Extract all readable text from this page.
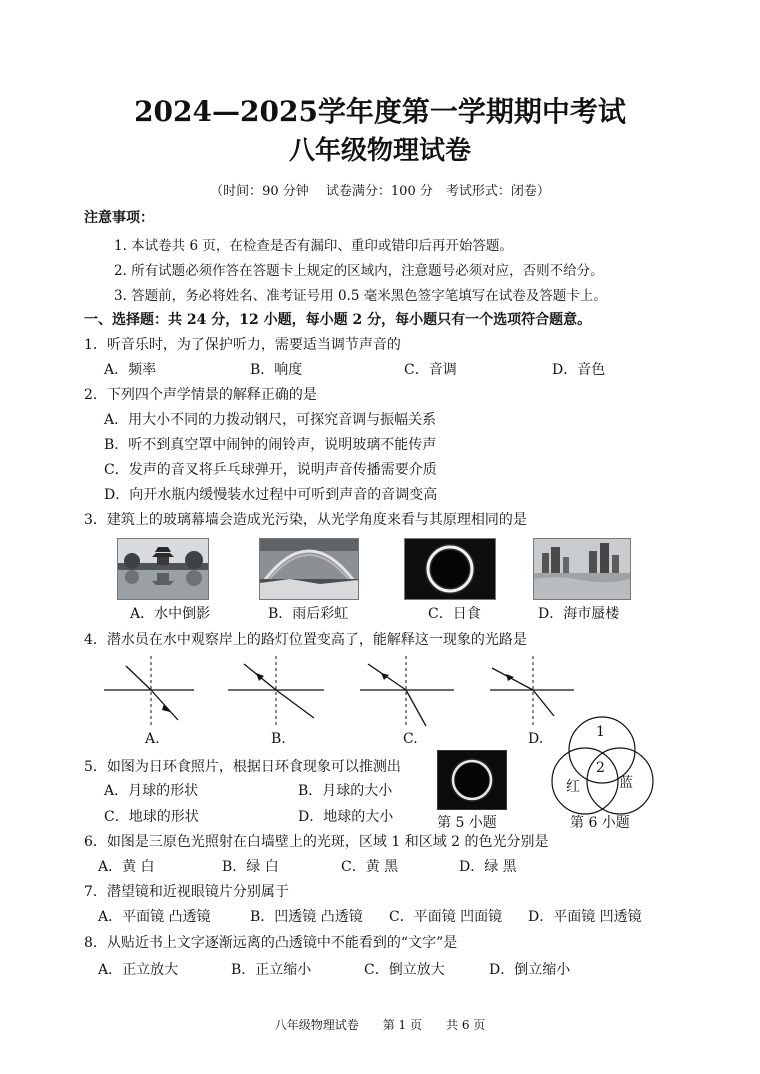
2024—2025学年度第一学期期中考试
八年级物理试卷
（时间：90 分钟　 试卷满分：100 分　考试形式：闭卷）
注意事项：
1. 本试卷共 6 页，在检查是否有漏印、重印或错印后再开始答题。
2. 所有试题必须作答在答题卡上规定的区域内，注意题号必须对应，否则不给分。
3. 答题前，务必将姓名、准考证号用 0.5 毫米黑色签字笔填写在试卷及答题卡上。
一、选择题：共 24 分，12 小题，每小题 2 分，每小题只有一个选项符合题意。
1．听音乐时，为了保护听力，需要适当调节声音的
A．频率	B．响度	C．音调	D．音色
2．下列四个声学情景的解释正确的是
A．用大小不同的力拨动钢尺，可探究音调与振幅关系
B．听不到真空罩中闹钟的闹铃声，说明玻璃不能传声
C．发声的音叉将乒乓球弹开，说明声音传播需要介质
D．向开水瓶内缓慢装水过程中可听到声音的音调变高
3．建筑上的玻璃幕墙会造成光污染，从光学角度来看与其原理相同的是
A．水中倒影	B．雨后彩虹	C．日食	D．海市蜃楼
4．潜水员在水中观察岸上的路灯位置变高了，能解释这一现象的光路是
A.	B.	C.	D.	1
2
红	蓝
第 6 小题
5．如图为日环食照片，根据日环食现象可以推测出
A．月球的形状	B．月球的大小
C．地球的形状	D．地球的大小	第 5 小题
6．如图是三原色光照射在白墙壁上的光斑，区域 1 和区域 2 的色光分别是
A．黄 白	B．绿 白	C．黄 黑	D．绿 黑
7．潜望镜和近视眼镜片分别属于
A．平面镜 凸透镜	B．凹透镜 凸透镜 C．平面镜 凹面镜 D．平面镜 凹透镜
8．从贴近书上文字逐渐远离的凸透镜中不能看到的“文字”是
A．正立放大	B．正立缩小	C．倒立放大	D．倒立缩小
八年级物理试卷　　第 1 页　　共 6 页
